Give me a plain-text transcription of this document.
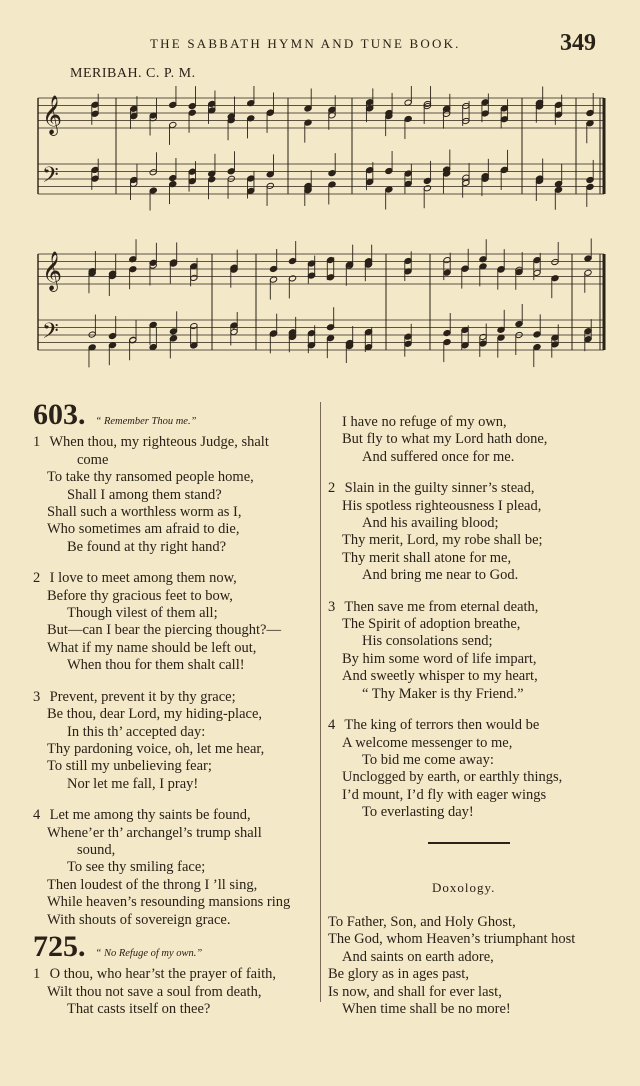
THE SABBATH HYMN AND TUNE BOOK.	349
MERIBAH. C. P. M.
𝄞
𝄢
𝄞
𝄢
603. “ Remember Thou me.”
1 When thou, my righteous Judge, shalt
come
To take thy ransomed people home,
Shall I among them stand?
Shall such a worthless worm as I,
Who sometimes am afraid to die,
Be found at thy right hand?
2 I love to meet among them now,
Before thy gracious feet to bow,
Though vilest of them all;
But—can I bear the piercing thought?—
What if my name should be left out,
When thou for them shalt call!
3 Prevent, prevent it by thy grace;
Be thou, dear Lord, my hiding-place,
In this th’ accepted day:
Thy pardoning voice, oh, let me hear,
To still my unbelieving fear;
Nor let me fall, I pray!
4 Let me among thy saints be found,
Whene’er th’ archangel’s trump shall
sound,
To see thy smiling face;
Then loudest of the throng I ’ll sing,
While heaven’s resounding mansions ring
With shouts of sovereign grace.
725. “ No Refuge of my own.”
1 O thou, who hear’st the prayer of faith,
Wilt thou not save a soul from death,
That casts itself on thee?
I have no refuge of my own,
But fly to what my Lord hath done,
And suffered once for me.
2 Slain in the guilty sinner’s stead,
His spotless righteousness I plead,
And his availing blood;
Thy merit, Lord, my robe shall be;
Thy merit shall atone for me,
And bring me near to God.
3 Then save me from eternal death,
The Spirit of adoption breathe,
His consolations send;
By him some word of life impart,
And sweetly whisper to my heart,
“ Thy Maker is thy Friend.”
4 The king of terrors then would be
A welcome messenger to me,
To bid me come away:
Unclogged by earth, or earthly things,
I’d mount, I’d fly with eager wings
To everlasting day!
Doxology.
To Father, Son, and Holy Ghost,
The God, whom Heaven’s triumphant host
And saints on earth adore,
Be glory as in ages past,
Is now, and shall for ever last,
When time shall be no more!
